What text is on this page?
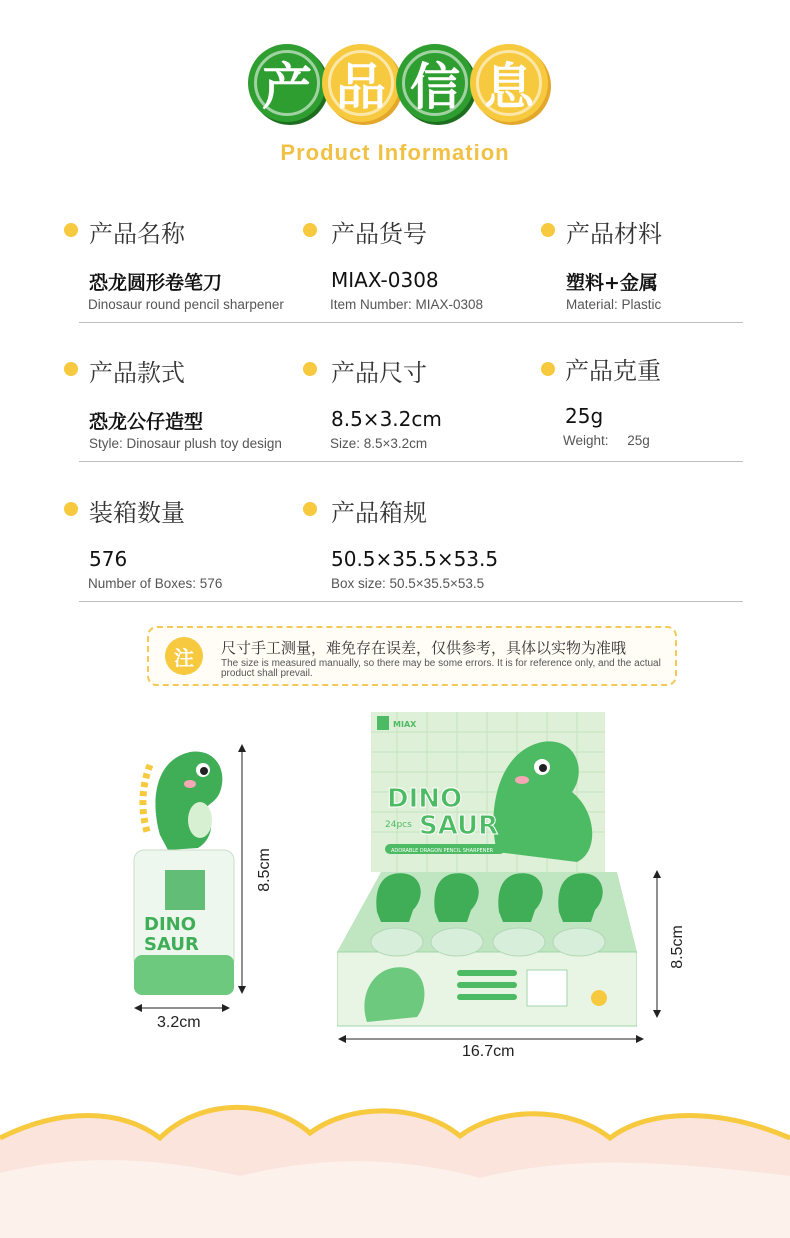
产 品 信 息
Product Information
产品名称
恐龙圆形卷笔刀
Dinosaur round pencil sharpener
产品货号
MIAX-0308
Item Number: MIAX-0308
产品材料
塑料+金属
Material: Plastic
产品款式
恐龙公仔造型
Style: Dinosaur plush toy design
产品尺寸
8.5×3.2cm
Size: 8.5×3.2cm
产品克重
25g
Weight:     25g
装箱数量
576
Number of Boxes: 576
产品箱规
50.5×35.5×53.5
Box size: 50.5×35.5×53.5
注	尺寸手工测量，难免存在误差，仅供参考，具体以实物为准哦
The size is measured manually, so there may be some errors. It is for reference only, and the actual product shall prevail.
DINO
SAUR
8.5cm
3.2cm
MIAX
DINO
SAUR
24pcs
ADORABLE DRAGON PENCIL SHARPENER
8.5cm
16.7cm
